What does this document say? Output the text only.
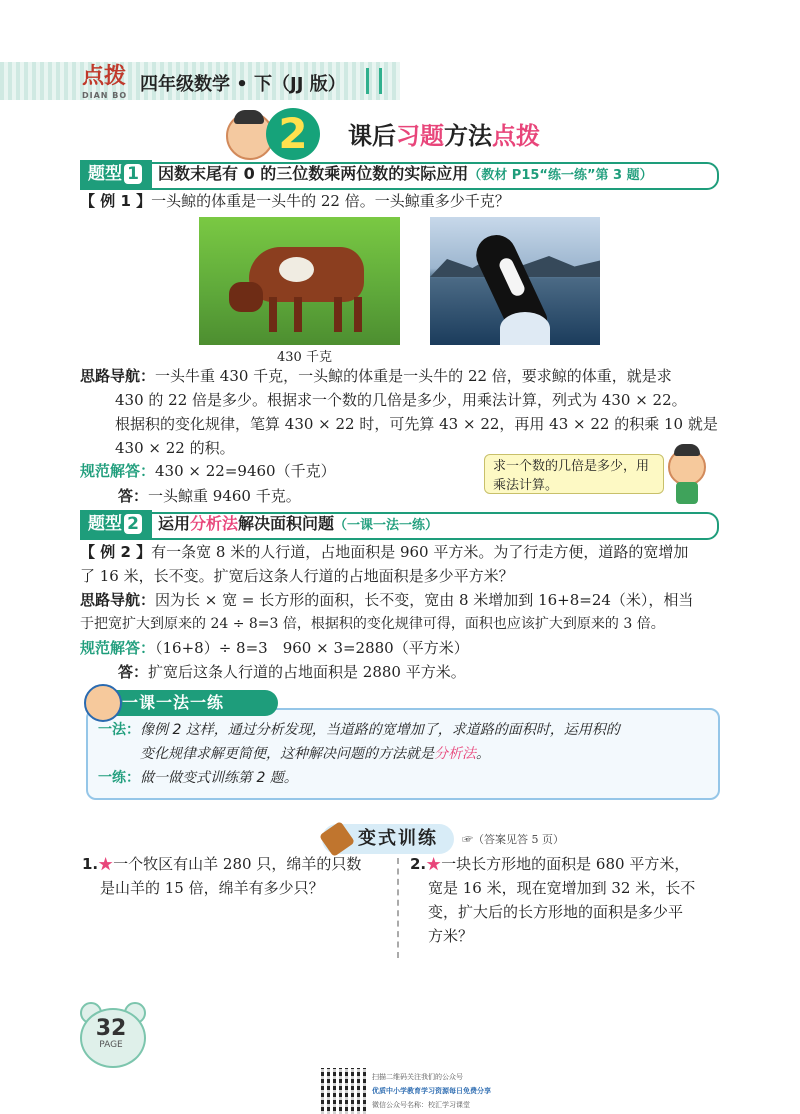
点拨
DIAN BO
四年级数学 • 下（JJ 版）
2	课后习题方法点拨
题型 1	因数末尾有 0 的三位数乘两位数的实际应用（教材 P15“练一练”第 3 题）
【 例 1 】一头鲸的体重是一头牛的 22 倍。一头鲸重多少千克？
430 千克

思路导航：一头牛重 430 千克，一头鲸的体重是一头牛的 22 倍，要求鲸的体重，就是求

430 的 22 倍是多少。根据求一个数的几倍是多少，用乘法计算，列式为 430 × 22。

根据积的变化规律，笔算 430 × 22 时，可先算 43 × 22，再用 43 × 22 的积乘 10 就是

430 × 22 的积。

规范解答：430 × 22=9460（千克）
答：一头鲸重 9460 千克。
求一个数的几倍是多少，用乘法计算。
题型 2	运用分析法解决面积问题（一课一法一练）

【 例 2 】有一条宽 8 米的人行道，占地面积是 960 平方米。为了行走方便，道路的宽增加

了 16 米，长不变。扩宽后这条人行道的占地面积是多少平方米？

思路导航：因为长 × 宽 = 长方形的面积，长不变，宽由 8 米增加到 16+8=24（米），相当

于把宽扩大到原来的 24 ÷ 8=3 倍，根据积的变化规律可得，面积也应该扩大到原来的 3 倍。

规范解答：（16+8）÷ 8=3　960 × 3=2880（平方米）
答：扩宽后这条人行道的占地面积是 2880 平方米。
一课一法一练
一法：像例 2 这样，通过分析发现，当道路的宽增加了，求道路的面积时，运用积的
变化规律求解更简便，这种解决问题的方法就是分析法。
一练：做一做变式训练第 2 题。
变式训练	☞（答案见答 5 页）

1.★一个牧区有山羊 280 只，绵羊的只数

是山羊的 15 倍，绵羊有多少只？

2.★一块长方形地的面积是 680 平方米，

宽是 16 米，现在宽增加到 32 米，长不

变，扩大后的长方形地的面积是多少平

方米？

32
PAGE
扫描二维码关注我们的公众号
优质中小学教育学习资源每日免费分享
微信公众号名称：校汇学习课堂
